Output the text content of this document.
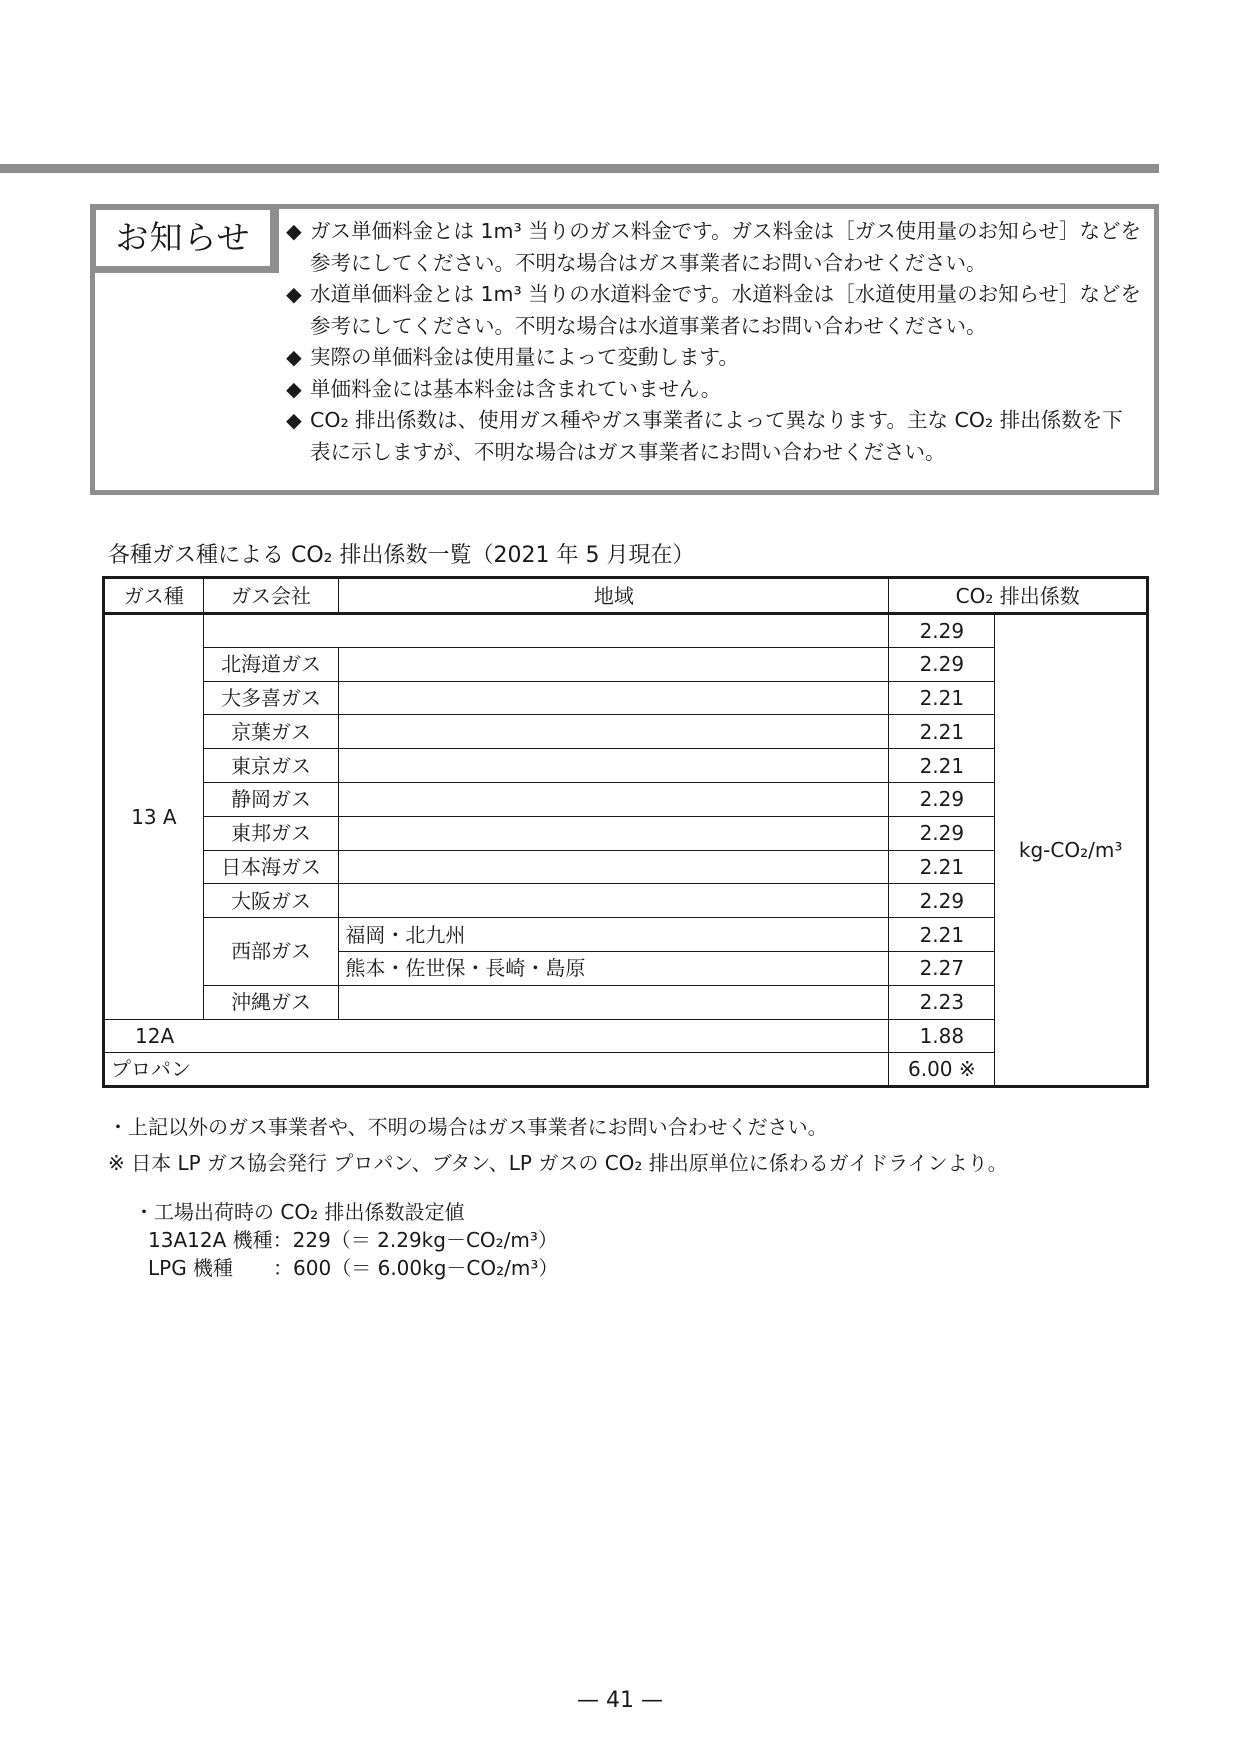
お知らせ	◆ ガス単価料金とは 1m³ 当りのガス料金です。ガス料金は［ガス使用量のお知らせ］などを
参考にしてください。不明な場合はガス事業者にお問い合わせください。
◆ 水道単価料金とは 1m³ 当りの水道料金です。水道料金は［水道使用量のお知らせ］などを
参考にしてください。不明な場合は水道事業者にお問い合わせください。
◆ 実際の単価料金は使用量によって変動します。
◆ 単価料金には基本料金は含まれていません。
◆ CO₂ 排出係数は、使用ガス種やガス事業者によって異なります。主な CO₂ 排出係数を下
表に示しますが、不明な場合はガス事業者にお問い合わせください。
各種ガス種による CO₂ 排出係数一覧（2021 年 5 月現在）
ガス種	ガス会社	地域	CO₂ 排出係数	
13 A			2.29	kg-CO₂/m³
	北海道ガス		2.29	
	大多喜ガス		2.21	
	京葉ガス		2.21	
	東京ガス		2.21	
	静岡ガス		2.29	
	東邦ガス		2.29	
	日本海ガス		2.21	
	大阪ガス		2.29	
	西部ガス	福岡・北九州	2.21	
		熊本・佐世保・長崎・島原	2.27	
	沖縄ガス		2.23	
12A			1.88	
プロパン			6.00 ※	
・上記以外のガス事業者や、不明の場合はガス事業者にお問い合わせください。
※ 日本 LP ガス協会発行 プロパン、ブタン、LP ガスの CO₂ 排出原単位に係わるガイドラインより。
・工場出荷時の CO₂ 排出係数設定値
13A12A 機種：229（＝ 2.29kg－CO₂/m³）
LPG 機種　　：600（＝ 6.00kg－CO₂/m³）
— 41 —
